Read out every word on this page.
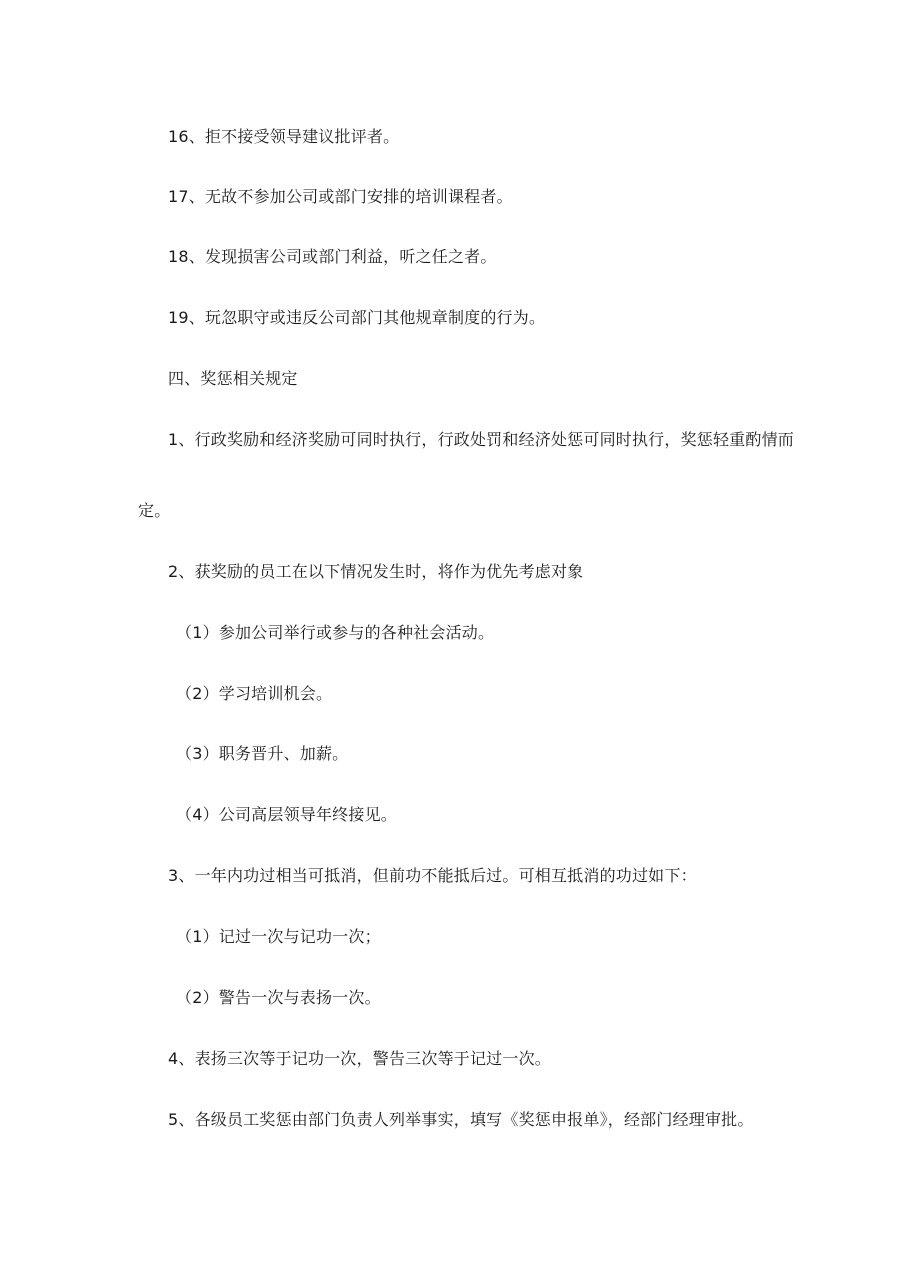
16、拒不接受领导建议批评者。
17、无故不参加公司或部门安排的培训课程者。
18、发现损害公司或部门利益，听之任之者。
19、玩忽职守或违反公司部门其他规章制度的行为。
四、奖惩相关规定
1、行政奖励和经济奖励可同时执行，行政处罚和经济处惩可同时执行，奖惩轻重酌情而
定。
2、获奖励的员工在以下情况发生时，将作为优先考虑对象
（1）参加公司举行或参与的各种社会活动。
（2）学习培训机会。
（3）职务晋升、加薪。
（4）公司高层领导年终接见。
3、一年内功过相当可抵消，但前功不能抵后过。可相互抵消的功过如下：
（1）记过一次与记功一次；
（2）警告一次与表扬一次。
4、表扬三次等于记功一次，警告三次等于记过一次。
5、各级员工奖惩由部门负责人列举事实，填写《奖惩申报单》，经部门经理审批。
